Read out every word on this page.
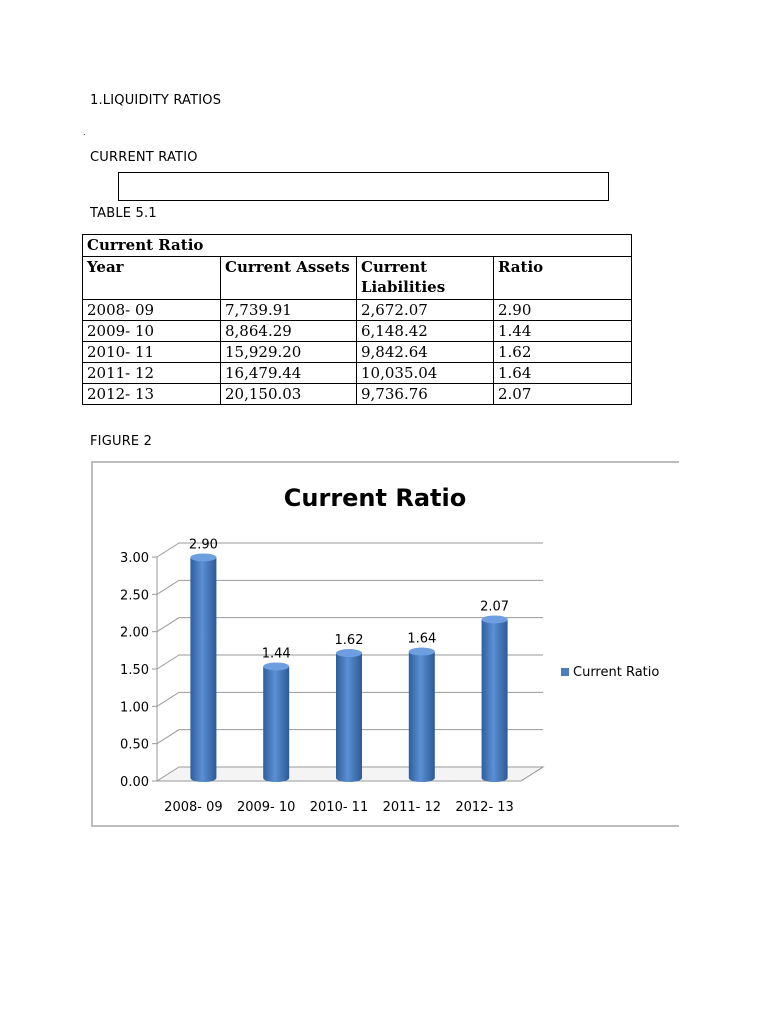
1.LIQUIDITY RATIOS
.
CURRENT RATIO
TABLE 5.1
Current Ratio			
Year	Current Assets	Current Liabilities	Ratio
2008- 09	7,739.91	2,672.07	2.90
2009- 10	8,864.29	6,148.42	1.44
2010- 11	15,929.20	9,842.64	1.62
2011- 12	16,479.44	10,035.04	1.64
2012- 13	20,150.03	9,736.76	2.07
FIGURE 2
Current Ratio
0.00
0.50
1.00
1.50
2.00
2.50
3.00
2.90
1.44
1.62	1.64
2.07
2008- 09 2009- 10 2010- 11 2011- 12 2012- 13
Current Ratio
